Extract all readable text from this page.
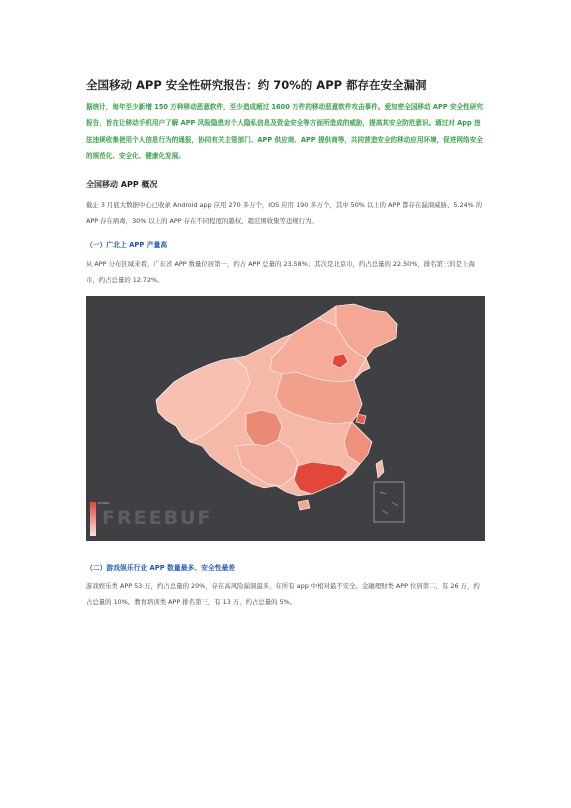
全国移动 APP 安全性研究报告：约 70%的 APP 都存在安全漏洞
据统计，每年至少新增 150 万种移动恶意软件，至少造成超过 1600 万件的移动恶意软件攻击事件。爱加密全国移动 APP 安全性研究报告，旨在让移动手机用户了解 APP 风险隐患对个人隐私信息及资金安全等方面所造成的威胁，提高其安全防范意识。通过对 App 违法违规收集使用个人信息行为的通报，协同有关主管部门、APP 供应商、APP 提供商等，共同营造安全的移动应用环境，促进网络安全的规范化、安全化、健康化发展。
全国移动 APP 概况
截止 3 月底大数据中心已收录 Android app 应用 270 多万个，IOS 应用 190 多万个，其中 50% 以上的 APP 都存在漏洞威胁、5.24% 的 APP 存在病毒，30% 以上的 APP 存在不同程度的越权、超范围收集等违规行为。
（一）广北上 APP 产量高
从 APP 分布区域来看，广东省 APP 数量位居第一，约占 APP 总量的 23.58%；其次是北京市，约占总量的 22.50%，排名第三的是上海市，约占总量的 12.72%。
（二）游戏娱乐行业 APP 数量最多、安全性最差
游戏娱乐类 APP 53 万，约占总量的 20%，存在高风险漏洞最多，在所有 app 中相对最不安全。金融理财类 APP 位居第二，有 26 万，约占总量的 10%。教育培训类 APP 排名第三，有 13 万，约占总量的 5%。
23.58%
FREEBUF
